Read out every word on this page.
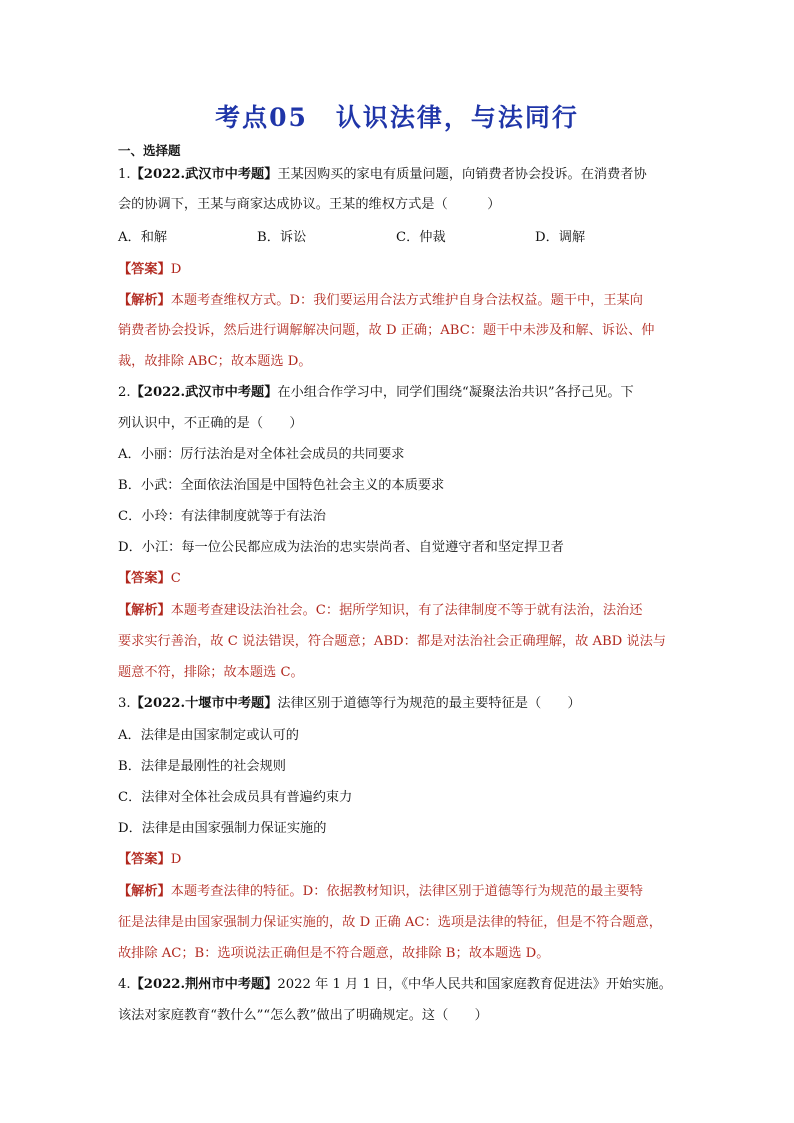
考点05 认识法律，与法同行
一、选择题
1.【2022.武汉市中考题】王某因购买的家电有质量问题，向销费者协会投诉。在消费者协
会的协调下，王某与商家达成协议。王某的维权方式是（　　　）
A．和解	B．诉讼	C．仲裁	D．调解
【答案】D
【解析】本题考查维权方式。D：我们要运用合法方式维护自身合法权益。题干中，王某向
销费者协会投诉，然后进行调解解决问题，故 D 正确；ABC：题干中未涉及和解、诉讼、仲
裁，故排除 ABC；故本题选 D。
2.【2022.武汉市中考题】在小组合作学习中，同学们围绕“凝聚法治共识”各抒己见。下
列认识中，不正确的是（　　）
A．小丽：厉行法治是对全体社会成员的共同要求
B．小武：全面依法治国是中国特色社会主义的本质要求
C．小玲：有法律制度就等于有法治
D．小江：每一位公民都应成为法治的忠实崇尚者、自觉遵守者和坚定捍卫者
【答案】C
【解析】本题考查建设法治社会。C：据所学知识，有了法律制度不等于就有法治，法治还
要求实行善治，故 C 说法错误，符合题意；ABD：都是对法治社会正确理解，故 ABD 说法与
题意不符，排除；故本题选 C。
3.【2022.十堰市中考题】法律区别于道德等行为规范的最主要特征是（　　）
A．法律是由国家制定或认可的
B．法律是最刚性的社会规则
C．法律对全体社会成员具有普遍约束力
D．法律是由国家强制力保证实施的
【答案】D
【解析】本题考查法律的特征。D：依据教材知识，法律区别于道德等行为规范的最主要特
征是法律是由国家强制力保证实施的，故 D 正确 AC：选项是法律的特征，但是不符合题意，
故排除 AC；B：选项说法正确但是不符合题意，故排除 B；故本题选 D。
4.【2022.荆州市中考题】2022 年 1 月 1 日，《中华人民共和国家庭教育促进法》开始实施。
该法对家庭教育“教什么”“怎么教”做出了明确规定。这（　　）
